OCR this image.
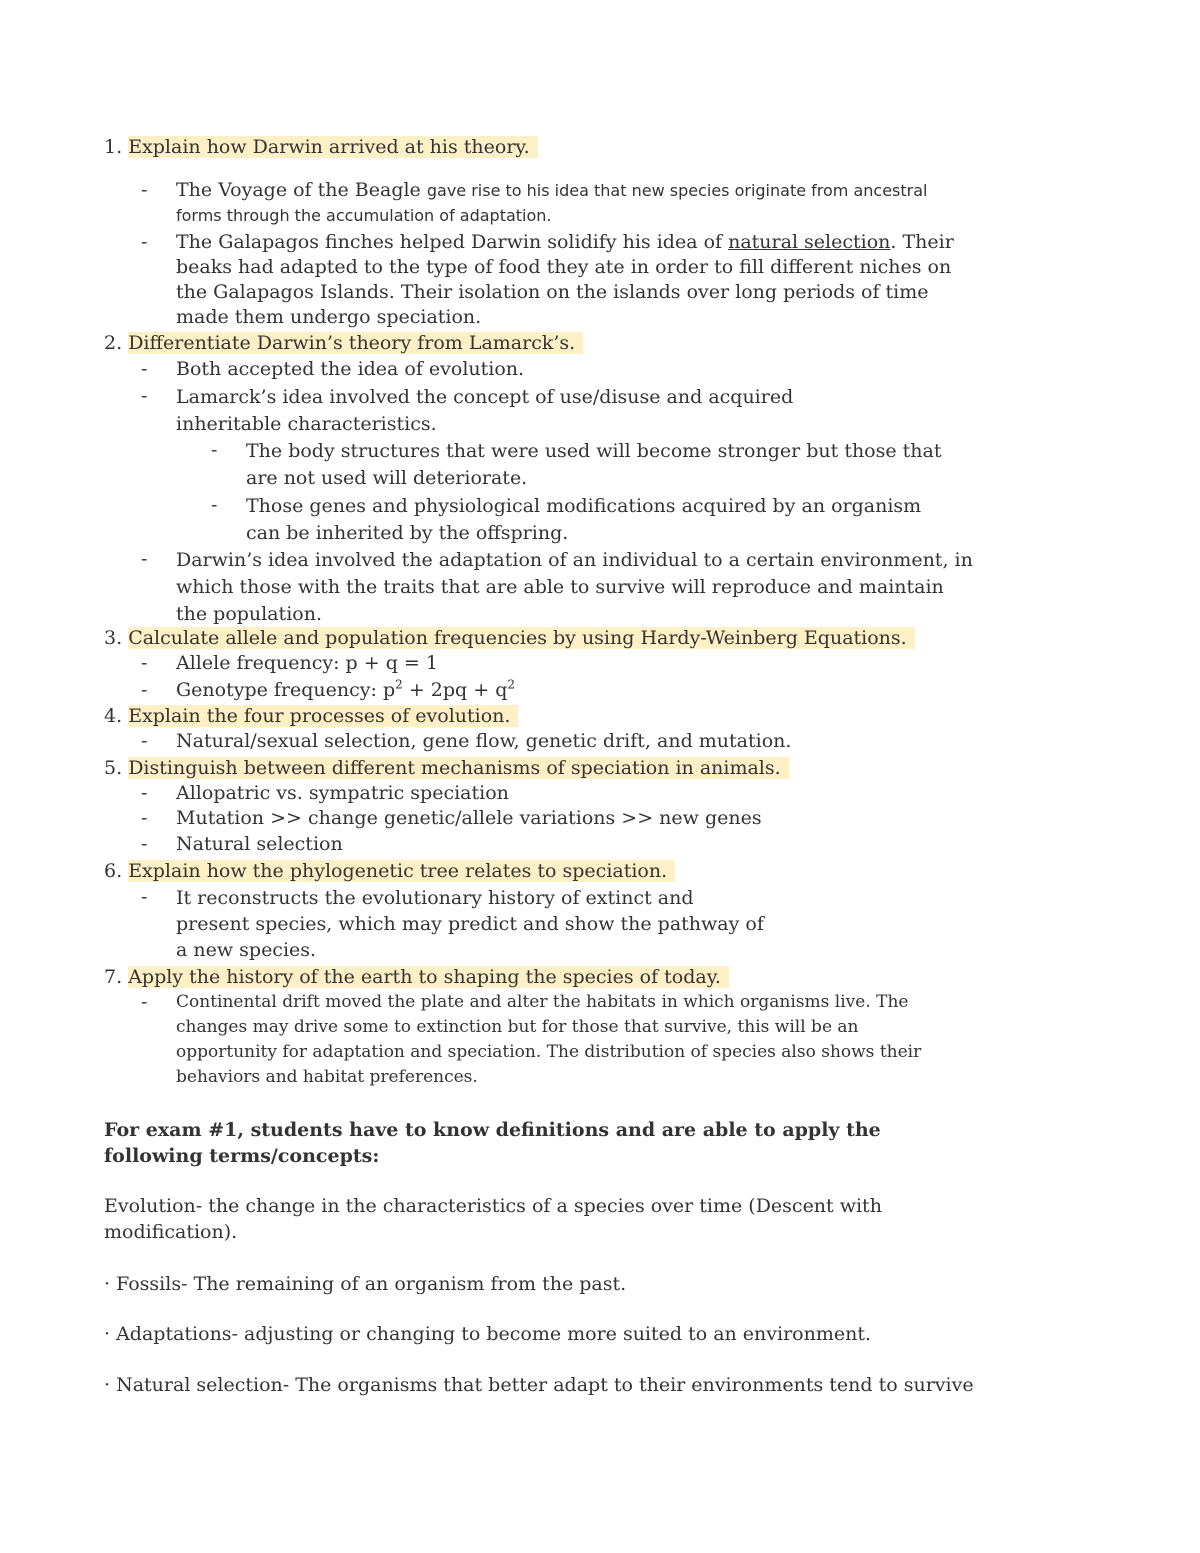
1. Explain how Darwin arrived at his theory.
- The Voyage of the Beagle gave rise to his idea that new species originate from ancestral forms through the accumulation of adaptation.
- The Galapagos finches helped Darwin solidify his idea of natural selection. Their beaks had adapted to the type of food they ate in order to fill different niches on the Galapagos Islands. Their isolation on the islands over long periods of time made them undergo speciation.
2. Differentiate Darwin’s theory from Lamarck’s.
- Both accepted the idea of evolution.
- Lamarck’s idea involved the concept of use/disuse and acquired inheritable characteristics.
- The body structures that were used will become stronger but those that are not used will deteriorate.
- Those genes and physiological modifications acquired by an organism can be inherited by the offspring.
- Darwin’s idea involved the adaptation of an individual to a certain environment, in which those with the traits that are able to survive will reproduce and maintain the population.
3. Calculate allele and population frequencies by using Hardy-Weinberg Equations.
- Allele frequency: p + q = 1
- Genotype frequency: $p^2 + 2pq + q^2$
4. Explain the four processes of evolution.
- Natural/sexual selection, gene flow, genetic drift, and mutation.
5. Distinguish between different mechanisms of speciation in animals.
- Allopatric vs. sympatric speciation
- Mutation >> change genetic/allele variations >> new genes
- Natural selection
6. Explain how the phylogenetic tree relates to speciation.
- It reconstructs the evolutionary history of extinct and present species, which may predict and show the pathway of a new species.
7. Apply the history of the earth to shaping the species of today.
- Continental drift moved the plate and alter the habitats in which organisms live. The changes may drive some to extinction but for those that survive, this will be an opportunity for adaptation and speciation. The distribution of species also shows their behaviors and habitat preferences.
For exam #1, students have to know definitions and are able to apply the following terms/concepts:
Evolution- the change in the characteristics of a species over time (Descent with modification).
· Fossils- The remaining of an organism from the past.
· Adaptations- adjusting or changing to become more suited to an environment.
· Natural selection- The organisms that better adapt to their environments tend to survive
